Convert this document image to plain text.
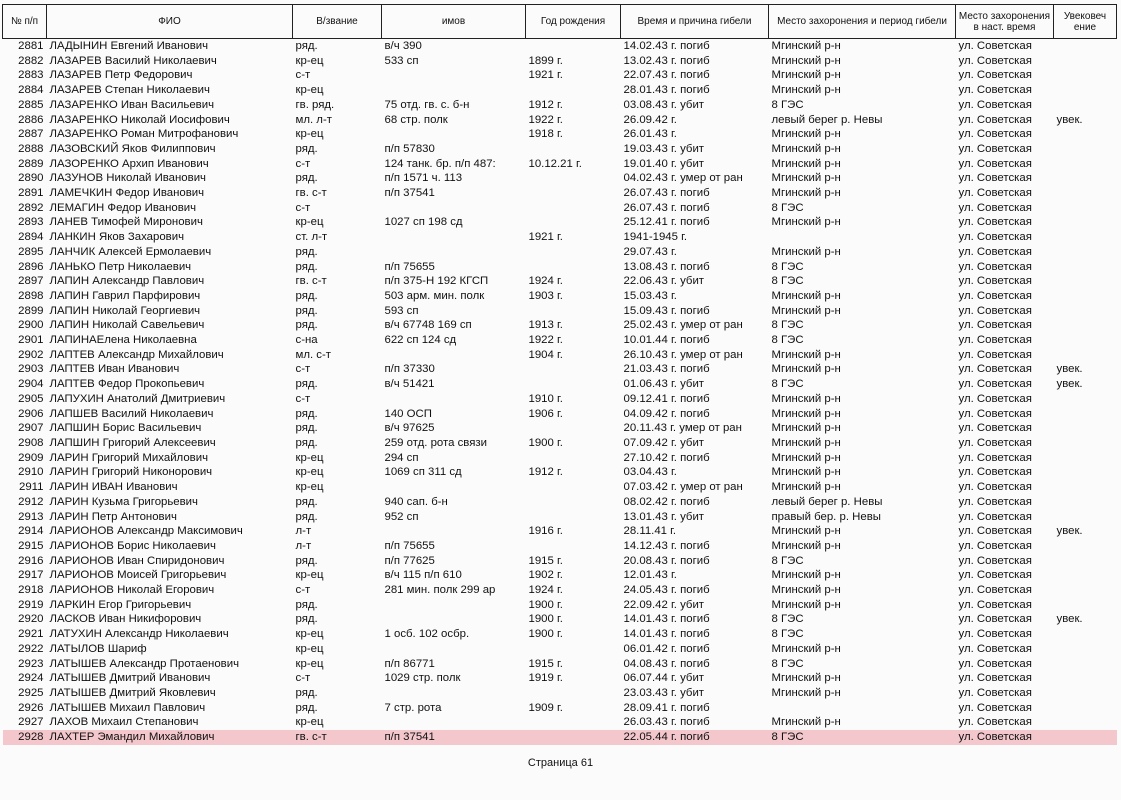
№ п/п	ФИО	В/звание	имов	Год рождения	Время и причина гибели	Место захоронения и период гибели	Место захоронения в наст. время	Увековеч ение
2881	ЛАДЫНИН Евгений Иванович	ряд.	в/ч 390		14.02.43 г. погиб	Мгинский р-н	ул. Советская	
2882	ЛАЗАРЕВ Василий Николаевич	кр-ец	533 сп	1899 г.	13.02.43 г. погиб	Мгинский р-н	ул. Советская	
2883	ЛАЗАРЕВ Петр Федорович	с-т		1921 г.	22.07.43 г. погиб	Мгинский р-н	ул. Советская	
2884	ЛАЗАРЕВ Степан Николаевич	кр-ец			28.01.43 г. погиб	Мгинский р-н	ул. Советская	
2885	ЛАЗАРЕНКО Иван Васильевич	гв. ряд.	75 отд. гв. с. б-н	1912 г.	03.08.43 г. убит	8 ГЭС	ул. Советская	
2886	ЛАЗАРЕНКО Николай Иосифович	мл. л-т	68 стр. полк	1922 г.	26.09.42 г.	левый берег р. Невы	ул. Советская	увек.
2887	ЛАЗАРЕНКО Роман Митрофанович	кр-ец		1918 г.	26.01.43 г.	Мгинский р-н	ул. Советская	
2888	ЛАЗОВСКИЙ Яков Филиппович	ряд.	п/п 57830		19.03.43 г. убит	Мгинский р-н	ул. Советская	
2889	ЛАЗОРЕНКО Архип Иванович	с-т	124 танк. бр. п/п 487:	10.12.21 г.	19.01.40 г. убит	Мгинский р-н	ул. Советская	
2890	ЛАЗУНОВ Николай Иванович	ряд.	п/п 1571 ч. 113		04.02.43 г. умер от ран	Мгинский р-н	ул. Советская	
2891	ЛАМЕЧКИН Федор Иванович	гв. с-т	п/п 37541		26.07.43 г. погиб	Мгинский р-н	ул. Советская	
2892	ЛЕМАГИН Федор Иванович	с-т			26.07.43 г. погиб	8 ГЭС	ул. Советская	
2893	ЛАНЕВ Тимофей Миронович	кр-ец	1027 сп 198 сд		25.12.41 г. погиб	Мгинский р-н	ул. Советская	
2894	ЛАНКИН Яков Захарович	ст. л-т		1921 г.	1941-1945 г.		ул. Советская	
2895	ЛАНЧИК Алексей Ермолаевич	ряд.			29.07.43 г.	Мгинский р-н	ул. Советская	
2896	ЛАНЬКО Петр Николаевич	ряд.	п/п 75655		13.08.43 г. погиб	8 ГЭС	ул. Советская	
2897	ЛАПИН Александр Павлович	гв. с-т	п/п 375-Н 192 КГСП	1924 г.	22.06.43 г. убит	8 ГЭС	ул. Советская	
2898	ЛАПИН Гаврил Парфирович	ряд.	503 арм. мин. полк	1903 г.	15.03.43 г.	Мгинский р-н	ул. Советская	
2899	ЛАПИН Николай Георгиевич	ряд.	593 сп		15.09.43 г. погиб	Мгинский р-н	ул. Советская	
2900	ЛАПИН Николай Савельевич	ряд.	в/ч 67748 169 сп	1913 г.	25.02.43 г. умер от ран	8 ГЭС	ул. Советская	
2901	ЛАПИНАЕлена Николаевна	с-на	622 сп 124 сд	1922 г.	10.01.44 г. погиб	8 ГЭС	ул. Советская	
2902	ЛАПТЕВ Александр Михайлович	мл. с-т		1904 г.	26.10.43 г. умер от ран	Мгинский р-н	ул. Советская	
2903	ЛАПТЕВ Иван Иванович	с-т	п/п 37330		21.03.43 г. погиб	Мгинский р-н	ул. Советская	увек.
2904	ЛАПТЕВ Федор Прокопьевич	ряд.	в/ч 51421		01.06.43 г. убит	8 ГЭС	ул. Советская	увек.
2905	ЛАПУХИН Анатолий Дмитриевич	с-т		1910 г.	09.12.41 г. погиб	Мгинский р-н	ул. Советская	
2906	ЛАПШЕВ Василий Николаевич	ряд.	140 ОСП	1906 г.	04.09.42 г. погиб	Мгинский р-н	ул. Советская	
2907	ЛАПШИН Борис Васильевич	ряд.	в/ч 97625		20.11.43 г. умер от ран	Мгинский р-н	ул. Советская	
2908	ЛАПШИН Григорий Алексеевич	ряд.	259 отд. рота связи	1900 г.	07.09.42 г. убит	Мгинский р-н	ул. Советская	
2909	ЛАРИН Григорий Михайлович	кр-ец	294 сп		27.10.42 г. погиб	Мгинский р-н	ул. Советская	
2910	ЛАРИН Григорий Никонорович	кр-ец	1069 сп 311 сд	1912 г.	03.04.43 г.	Мгинский р-н	ул. Советская	
2911	ЛАРИН ИВАН Иванович	кр-ец			07.03.42 г. умер от ран	Мгинский р-н	ул. Советская	
2912	ЛАРИН Кузьма Григорьевич	ряд.	940 сап. б-н		08.02.42 г. погиб	левый берег р. Невы	ул. Советская	
2913	ЛАРИН Петр Антонович	ряд.	952 сп		13.01.43 г. убит	правый бер. р. Невы	ул. Советская	
2914	ЛАРИОНОВ Александр Максимович	л-т		1916 г.	28.11.41 г.	Мгинский р-н	ул. Советская	увек.
2915	ЛАРИОНОВ Борис Николаевич	л-т	п/п 75655		14.12.43 г. погиб	Мгинский р-н	ул. Советская	
2916	ЛАРИОНОВ Иван Спиридонович	ряд.	п/п 77625	1915 г.	20.08.43 г. погиб	8 ГЭС	ул. Советская	
2917	ЛАРИОНОВ Моисей Григорьевич	кр-ец	в/ч 115 п/п 610	1902 г.	12.01.43 г.	Мгинский р-н	ул. Советская	
2918	ЛАРИОНОВ Николай Егорович	с-т	281 мин. полк 299 ар	1924 г.	24.05.43 г. погиб	Мгинский р-н	ул. Советская	
2919	ЛАРКИН Егор Григорьевич	ряд.		1900 г.	22.09.42 г. убит	Мгинский р-н	ул. Советская	
2920	ЛАСКОВ Иван Никифорович	ряд.		1900 г.	14.01.43 г. погиб	8 ГЭС	ул. Советская	увек.
2921	ЛАТУХИН Александр Николаевич	кр-ец	1 осб. 102 осбр.	1900 г.	14.01.43 г. погиб	8 ГЭС	ул. Советская	
2922	ЛАТЫЛОВ Шариф	кр-ец			06.01.42 г. погиб	Мгинский р-н	ул. Советская	
2923	ЛАТЫШЕВ Александр Протаенович	кр-ец	п/п 86771	1915 г.	04.08.43 г. погиб	8 ГЭС	ул. Советская	
2924	ЛАТЫШЕВ Дмитрий Иванович	с-т	1029 стр. полк	1919 г.	06.07.44 г. убит	Мгинский р-н	ул. Советская	
2925	ЛАТЫШЕВ Дмитрий Яковлевич	ряд.			23.03.43 г. убит	Мгинский р-н	ул. Советская	
2926	ЛАТЫШЕВ Михаил Павлович	ряд.	7 стр. рота	1909 г.	28.09.41 г. погиб		ул. Советская	
2927	ЛАХОВ Михаил Степанович	кр-ец			26.03.43 г. погиб	Мгинский р-н	ул. Советская	
2928	ЛАХТЕР Эмандил Михайлович	гв. с-т	п/п 37541		22.05.44 г. погиб	8 ГЭС	ул. Советская	
Страница 61
